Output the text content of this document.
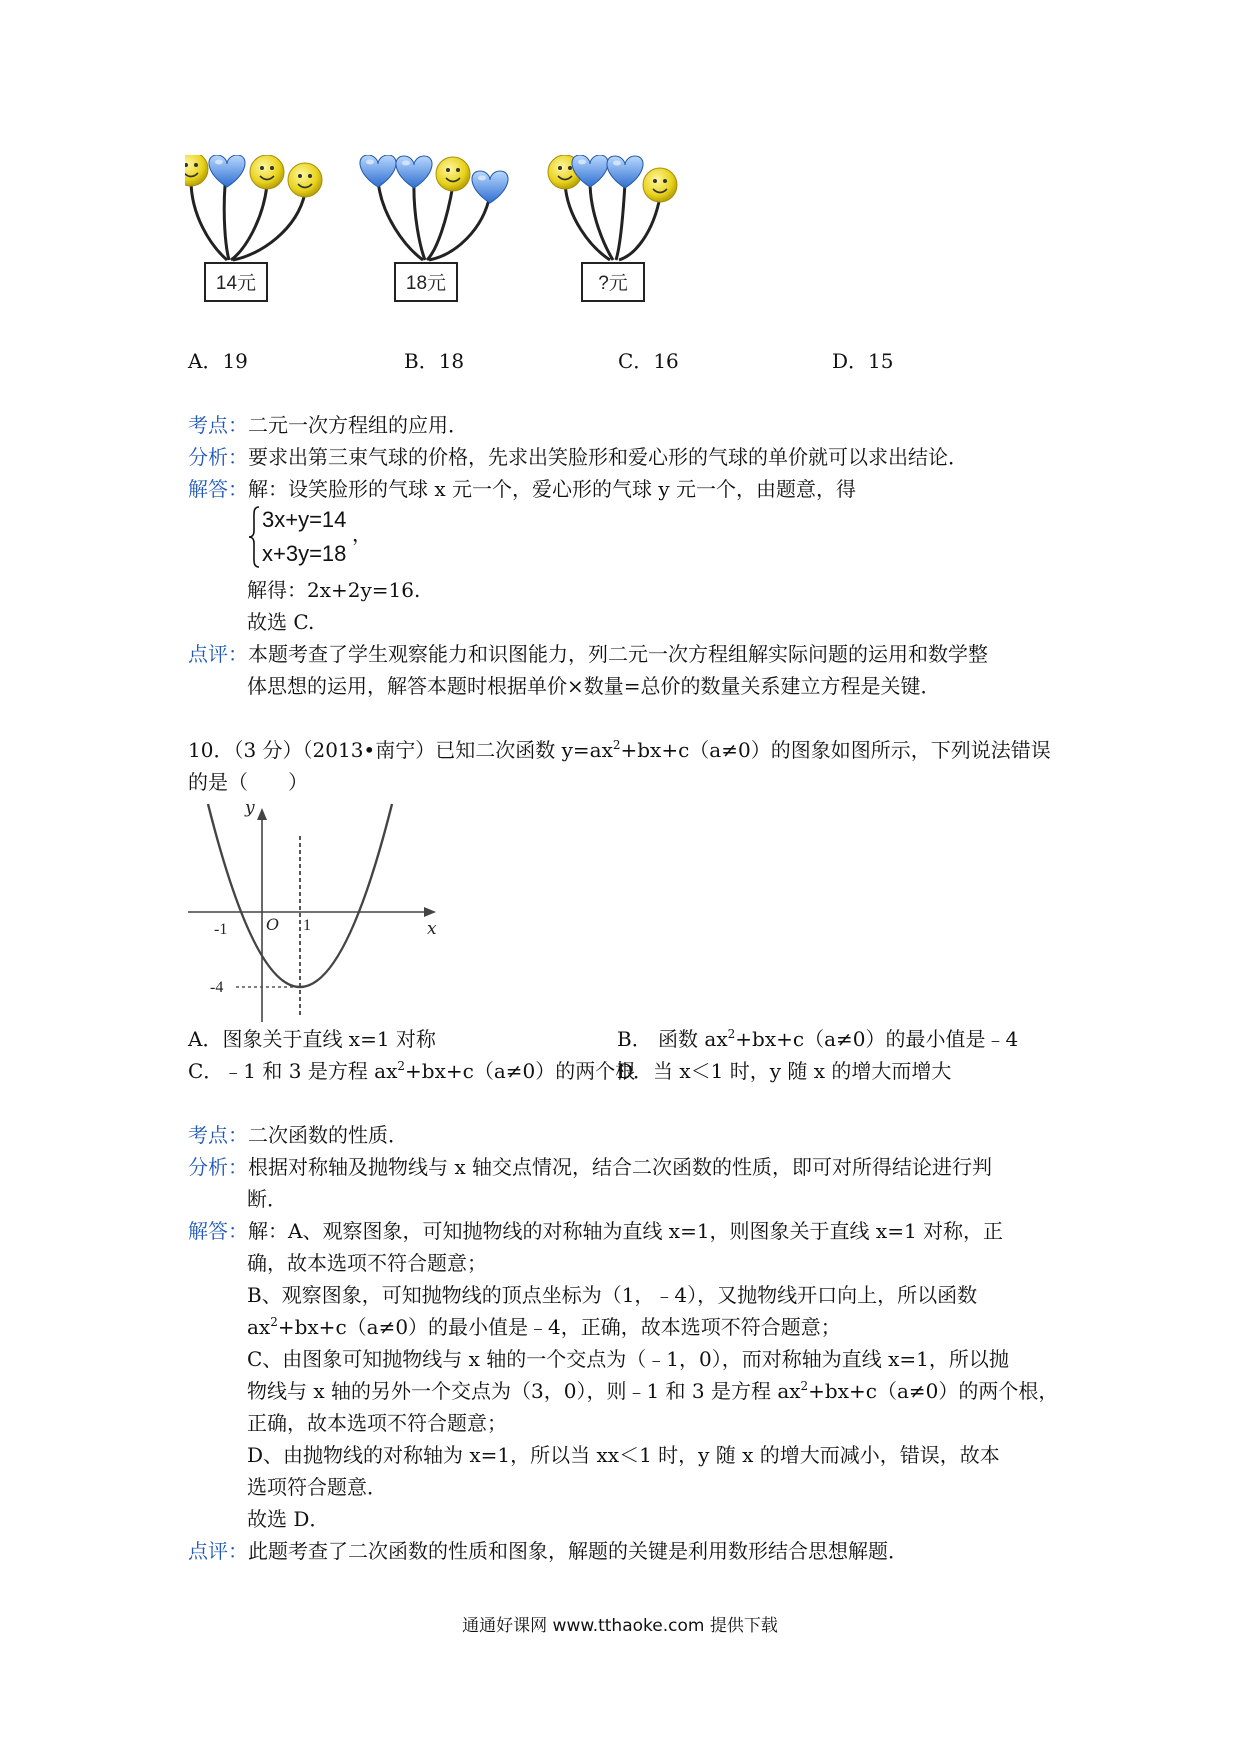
14元	18元	?元
A．19	B．18	C．16	D．15
考点：二元一次方程组的应用．
分析：要求出第三束气球的价格，先求出笑脸形和爱心形的气球的单价就可以求出结论．
解答：解：设笑脸形的气球 x 元一个，爱心形的气球 y 元一个，由题意，得
3x+y=14
，
x+3y=18
解得：2x+2y=16.
故选 C.
点评：本题考查了学生观察能力和识图能力，列二元一次方程组解实际问题的运用和数学整
体思想的运用，解答本题时根据单价×数量=总价的数量关系建立方程是关键．
10．（3 分）（2013•南宁）已知二次函数 $y=ax^2+bx+c(a\ne 0)$的图象如图所示，下列说法错误
的是（　　）
y
x
O
-1	1
-4
A．图象关于直线 x=1 对称	B． 函数 $ax^2+bx+c(a\ne 0)$的最小值是﹣4
C．﹣1 和 3 是方程 $ax^2+bx+c(a\ne 0)$的两个根
D．当 x＜1 时，y 随 x 的增大而增大
考点：二次函数的性质．
分析：根据对称轴及抛物线与 x 轴交点情况，结合二次函数的性质，即可对所得结论进行判
断．
解答：解：A、观察图象，可知抛物线的对称轴为直线 x=1，则图象关于直线 x=1 对称，正
确，故本选项不符合题意；
B、观察图象，可知抛物线的顶点坐标为（1，﹣4），又抛物线开口向上，所以函数
$ax^2+bx+c(a\ne 0)$的最小值是﹣4，正确，故本选项不符合题意；
C、由图象可知抛物线与 x 轴的一个交点为（﹣1，0），而对称轴为直线 x=1，所以抛
物线与 x 轴的另外一个交点为（3，0），则﹣1 和 3 是方程 $ax^2+bx+c(a\ne 0)$的两个根，
正确，故本选项不符合题意；
D、由抛物线的对称轴为 x=1，所以当 xx＜1 时，y 随 x 的增大而减小，错误，故本
选项符合题意．
故选 D．
点评：此题考查了二次函数的性质和图象，解题的关键是利用数形结合思想解题．
通通好课网 www.tthaoke.com 提供下载
